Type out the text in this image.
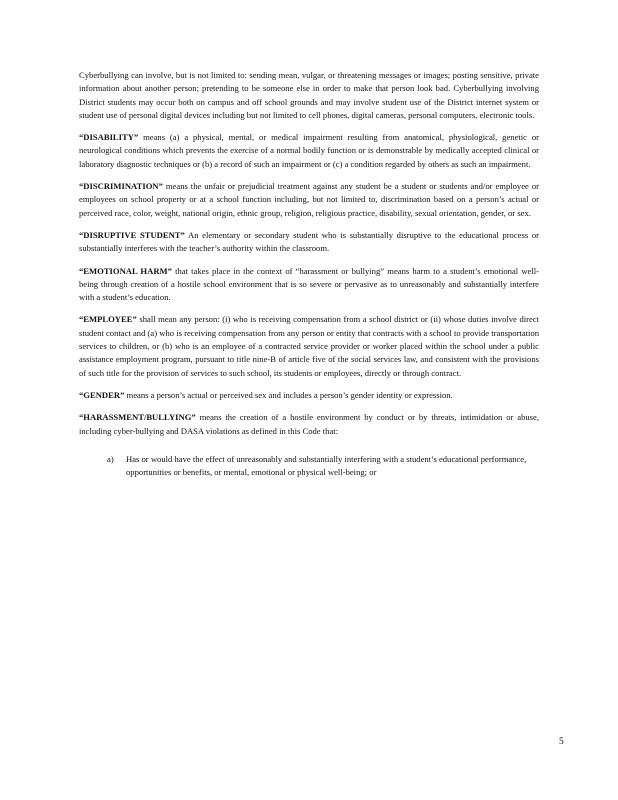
Cyberbullying can involve, but is not limited to: sending mean, vulgar, or threatening messages or images; posting sensitive, private information about another person; pretending to be someone else in order to make that person look bad. Cyberbullying involving District students may occur both on campus and off school grounds and may involve student use of the District internet system or student use of personal digital devices including but not limited to cell phones, digital cameras, personal computers, electronic tools.

“DISABILITY” means (a) a physical, mental, or medical impairment resulting from anatomical, physiological, genetic or neurological conditions which prevents the exercise of a normal bodily function or is demonstrable by medically accepted clinical or laboratory diagnostic techniques or (b) a record of such an impairment or (c) a condition regarded by others as such an impairment.

“DISCRIMINATION” means the unfair or prejudicial treatment against any student be a student or students and/or employee or employees on school property or at a school function including, but not limited to, discrimination based on a person’s actual or perceived race, color, weight, national origin, ethnic group, religion, religious practice, disability, sexual orientation, gender, or sex.

“DISRUPTIVE STUDENT” An elementary or secondary student who is substantially disruptive to the educational process or substantially interferes with the teacher’s authority within the classroom.

“EMOTIONAL HARM” that takes place in the context of “harassment or bullying” means harm to a student’s emotional well-being through creation of a hostile school environment that is so severe or pervasive as to unreasonably and substantially interfere with a student’s education.

“EMPLOYEE” shall mean any person: (i) who is receiving compensation from a school district or (ii) whose duties involve direct student contact and (a) who is receiving compensation from any person or entity that contracts with a school to provide transportation services to children, or (b) who is an employee of a contracted service provider or worker placed within the school under a public assistance employment program, pursuant to title nine-B of article five of the social services law, and consistent with the provisions of such title for the provision of services to such school, its students or employees, directly or through contract.

“GENDER” means a person’s actual or perceived sex and includes a person’s gender identity or expression.

“HARASSMENT/BULLYING” means the creation of a hostile environment by conduct or by threats, intimidation or abuse, including cyber-bullying and DASA violations as defined in this Code that:

a) Has or would have the effect of unreasonably and substantially interfering with a student’s educational performance, opportunities or benefits, or mental, emotional or physical well-being; or
5
